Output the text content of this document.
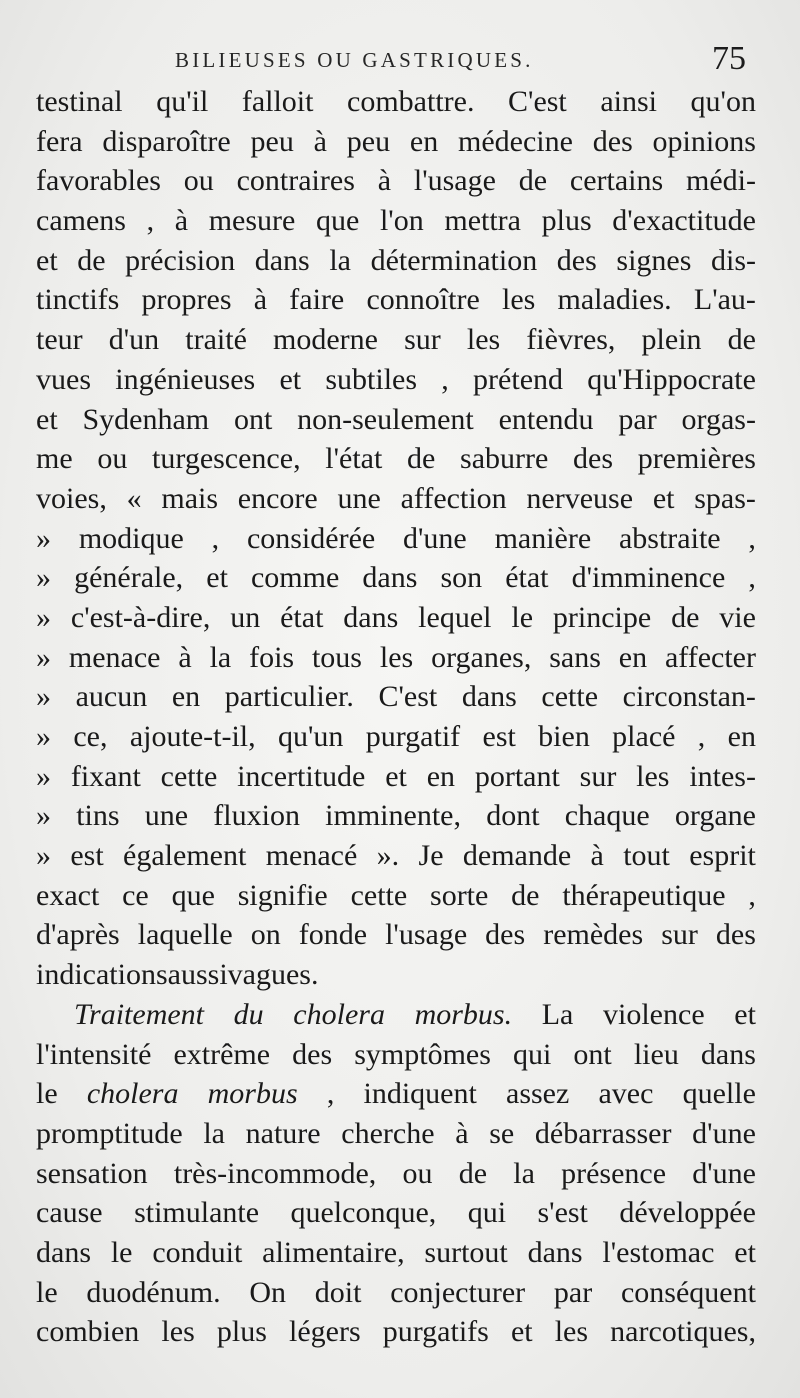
BILIEUSES OU GASTRIQUES.	75
testinal qu'il falloit combattre. C'est ainsi qu'on
fera disparoître peu à peu en médecine des opinions
favorables ou contraires à l'usage de certains médi-
camens , à mesure que l'on mettra plus d'exactitude
et de précision dans la détermination des signes dis-
tinctifs propres à faire connoître les maladies. L'au-
teur d'un traité moderne sur les fièvres, plein de
vues ingénieuses et subtiles , prétend qu'Hippocrate
et Sydenham ont non-seulement entendu par orgas-
me ou turgescence, l'état de saburre des premières
voies, « mais encore une affection nerveuse et spas-
» modique , considérée d'une manière abstraite ,
» générale, et comme dans son état d'imminence ,
» c'est-à-dire, un état dans lequel le principe de vie
» menace à la fois tous les organes, sans en affecter
» aucun en particulier. C'est dans cette circonstan-
» ce, ajoute-t-il, qu'un purgatif est bien placé , en
» fixant cette incertitude et en portant sur les intes-
» tins une fluxion imminente, dont chaque organe
» est également menacé ». Je demande à tout esprit
exact ce que signifie cette sorte de thérapeutique ,
d'après laquelle on fonde l'usage des remèdes sur des
indications aussi vagues.
Traitement du cholera morbus. La violence et
l'intensité extrême des symptômes qui ont lieu dans
le cholera morbus , indiquent assez avec quelle
promptitude la nature cherche à se débarrasser d'une
sensation très-incommode, ou de la présence d'une
cause stimulante quelconque, qui s'est développée
dans le conduit alimentaire, surtout dans l'estomac et
le duodénum. On doit conjecturer par conséquent
combien les plus légers purgatifs et les narcotiques,
